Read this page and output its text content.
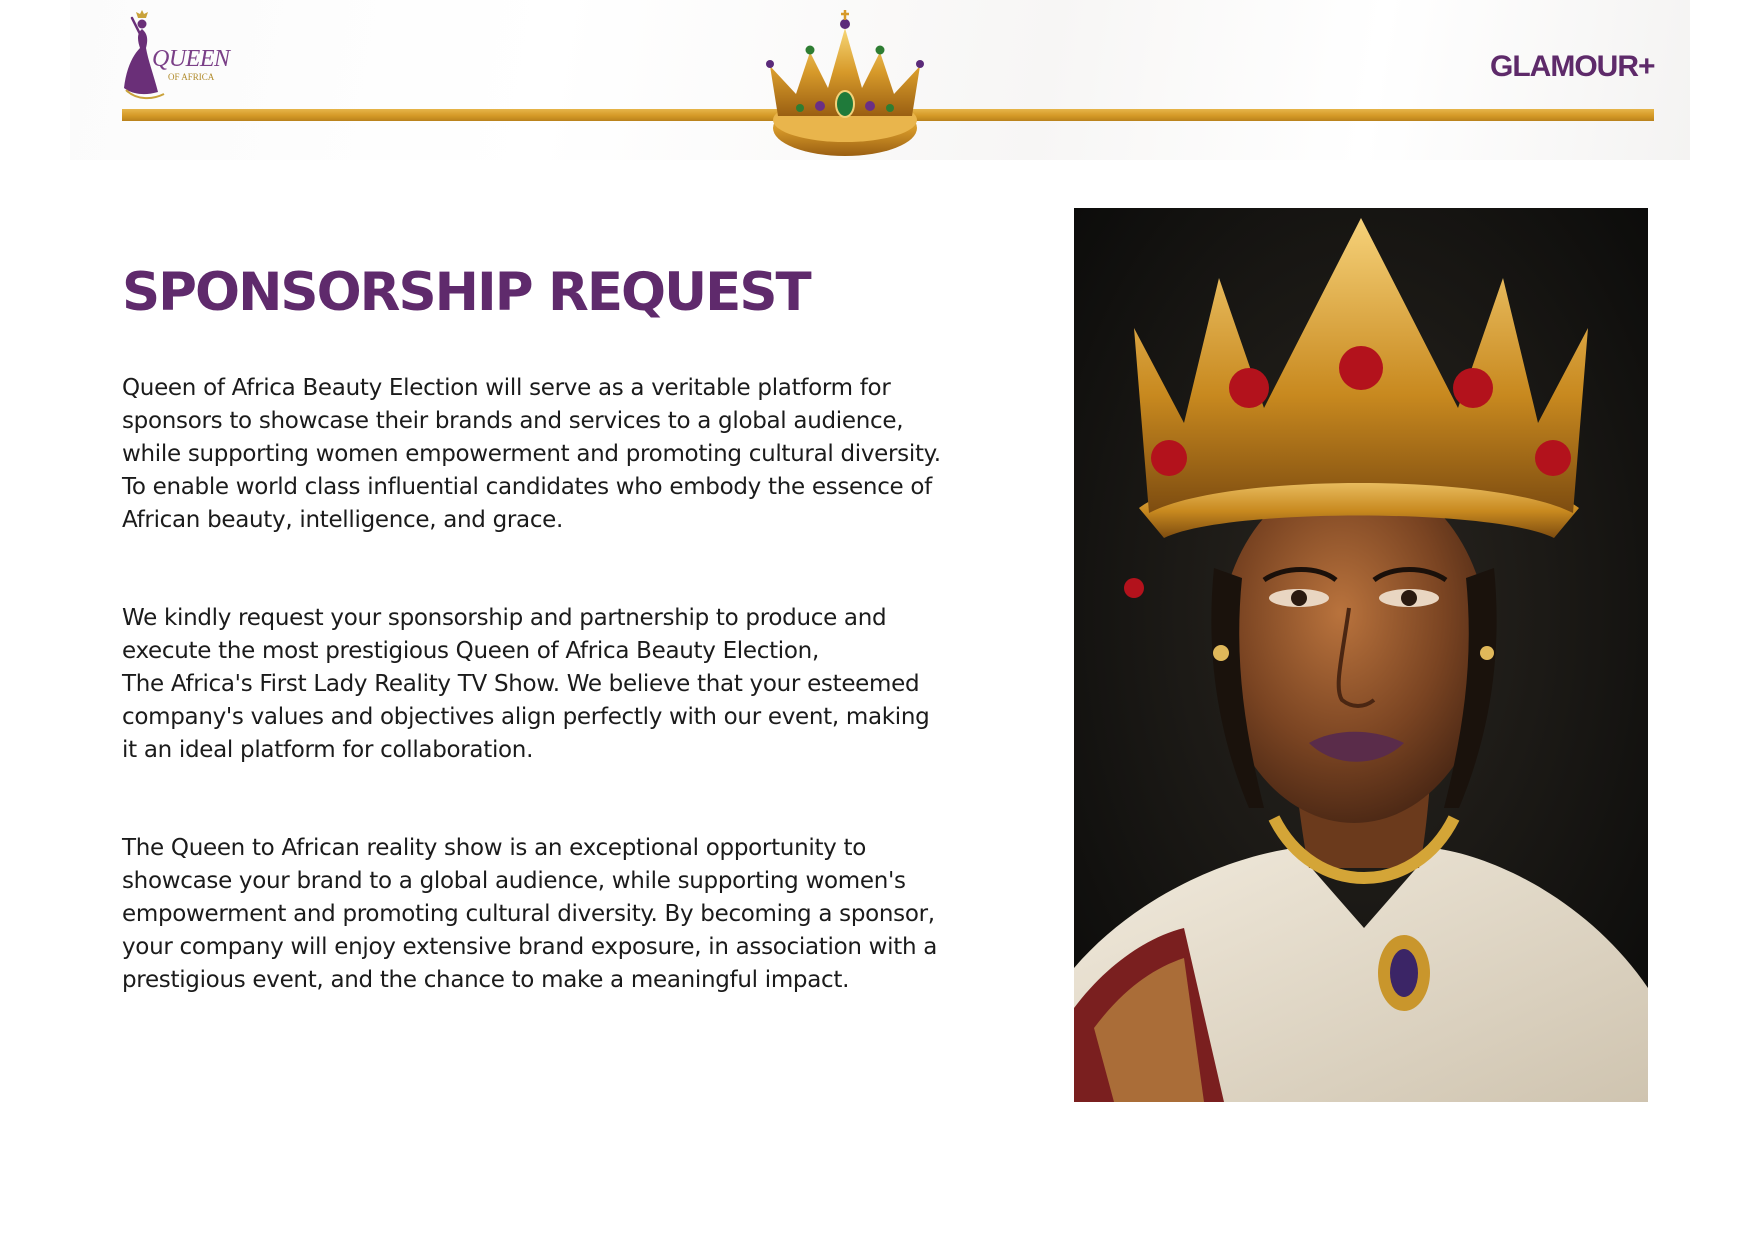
QUEEN
OF AFRICA	GLAMOUR+
SPONSORSHIP REQUEST

Queen of Africa Beauty Election will serve as a veritable platform for
sponsors to showcase their brands and services to a global audience,
while supporting women empowerment and promoting cultural diversity.
To enable world class influential candidates who embody the essence of
African beauty, intelligence, and grace.

We kindly request your sponsorship and partnership to produce and
execute the most prestigious Queen of Africa Beauty Election,
The Africa's First Lady Reality TV Show. We believe that your esteemed
company's values and objectives align perfectly with our event, making
it an ideal platform for collaboration.

The Queen to African reality show is an exceptional opportunity to
showcase your brand to a global audience, while supporting women's
empowerment and promoting cultural diversity. By becoming a sponsor,
your company will enjoy extensive brand exposure, in association with a
prestigious event, and the chance to make a meaningful impact.
